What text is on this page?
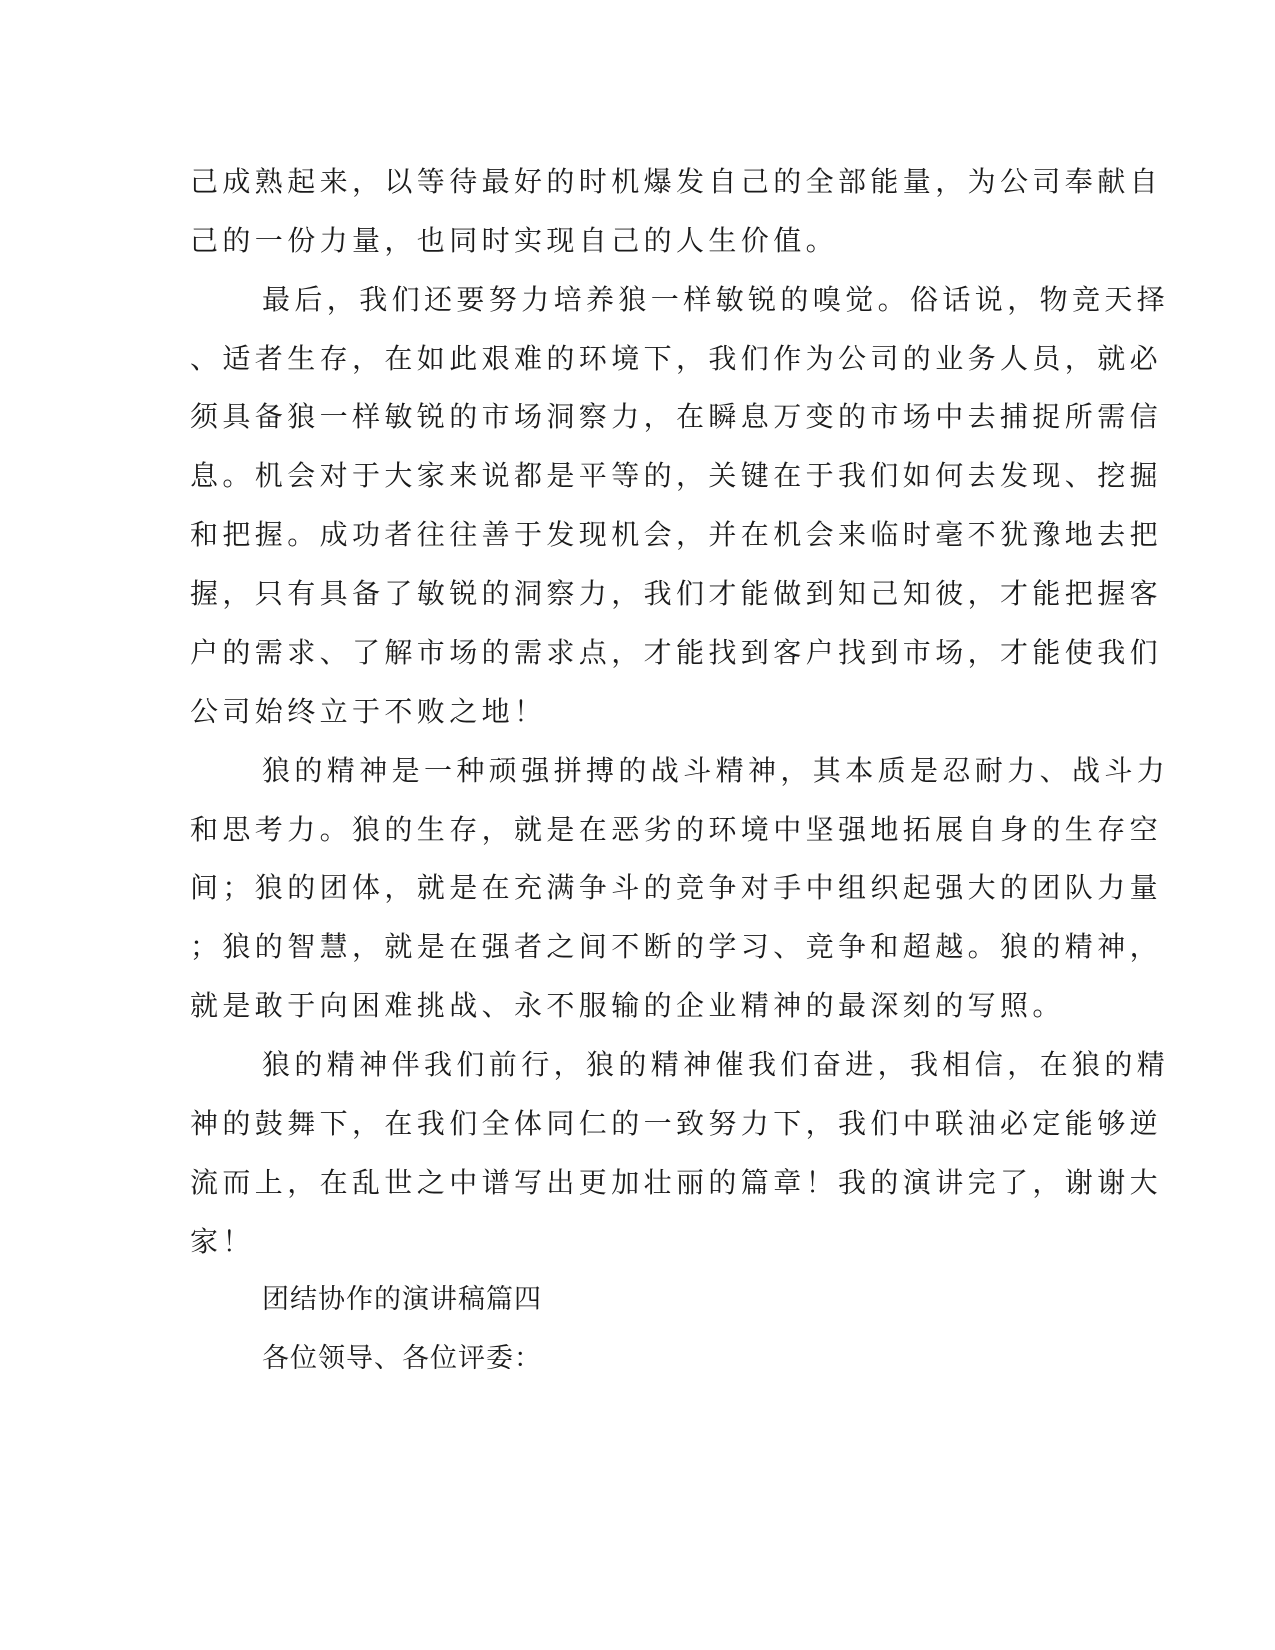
己成熟起来，以等待最好的时机爆发自己的全部能量，为公司奉献自

己的一份力量，也同时实现自己的人生价值。

最后，我们还要努力培养狼一样敏锐的嗅觉。俗话说，物竞天择

、适者生存，在如此艰难的环境下，我们作为公司的业务人员，就必

须具备狼一样敏锐的市场洞察力，在瞬息万变的市场中去捕捉所需信

息。机会对于大家来说都是平等的，关键在于我们如何去发现、挖掘

和把握。成功者往往善于发现机会，并在机会来临时毫不犹豫地去把

握，只有具备了敏锐的洞察力，我们才能做到知己知彼，才能把握客

户的需求、了解市场的需求点，才能找到客户找到市场，才能使我们

公司始终立于不败之地！

狼的精神是一种顽强拼搏的战斗精神，其本质是忍耐力、战斗力

和思考力。狼的生存，就是在恶劣的环境中坚强地拓展自身的生存空

间；狼的团体，就是在充满争斗的竞争对手中组织起强大的团队力量

；狼的智慧，就是在强者之间不断的学习、竞争和超越。狼的精神，

就是敢于向困难挑战、永不服输的企业精神的最深刻的写照。

狼的精神伴我们前行，狼的精神催我们奋进，我相信，在狼的精

神的鼓舞下，在我们全体同仁的一致努力下，我们中联油必定能够逆

流而上，在乱世之中谱写出更加壮丽的篇章！我的演讲完了，谢谢大

家！

团结协作的演讲稿篇四

各位领导、各位评委：
